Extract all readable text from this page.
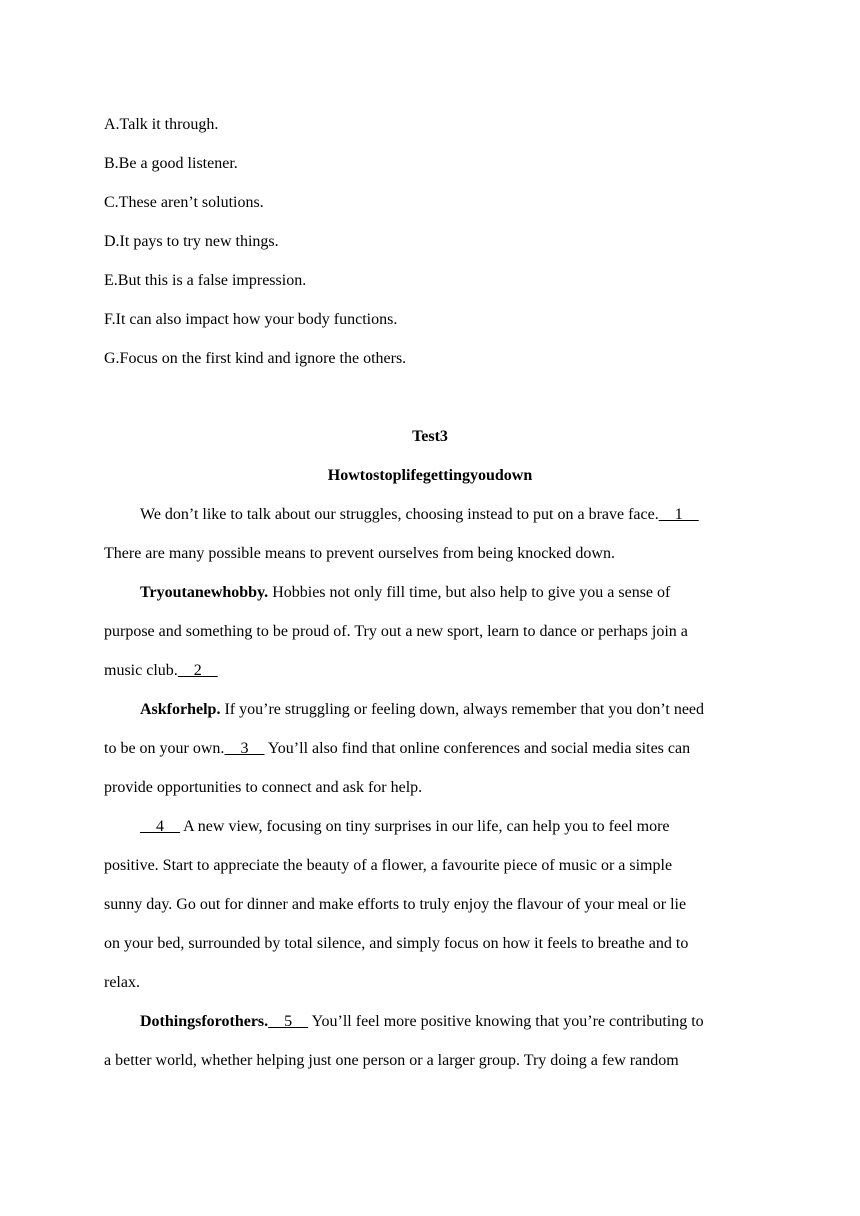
A.Talk it through.
B.Be a good listener.
C.These aren’t solutions.
D.It pays to try new things.
E.But this is a false impression.
F.It can also impact how your body functions.
G.Focus on the first kind and ignore the others.
Test3
Howtostoplifegettingyoudown
We don’t like to talk about our struggles, choosing instead to put on a brave face.    1
There are many possible means to prevent ourselves from being knocked down.
Tryoutanewhobby. Hobbies not only fill time, but also help to give you a sense of
purpose and something to be proud of. Try out a new sport, learn to dance or perhaps join a
music club.    2
Askforhelp. If you’re struggling or feeling down, always remember that you don’t need
to be on your own.    3     You’ll also find that online conferences and social media sites can
provide opportunities to connect and ask for help.
4     A new view, focusing on tiny surprises in our life, can help you to feel more
positive. Start to appreciate the beauty of a flower, a favourite piece of music or a simple
sunny day. Go out for dinner and make efforts to truly enjoy the flavour of your meal or lie
on your bed, surrounded by total silence, and simply focus on how it feels to breathe and to
relax.
Dothingsforothers.    5     You’ll feel more positive knowing that you’re contributing to
a better world, whether helping just one person or a larger group. Try doing a few random
